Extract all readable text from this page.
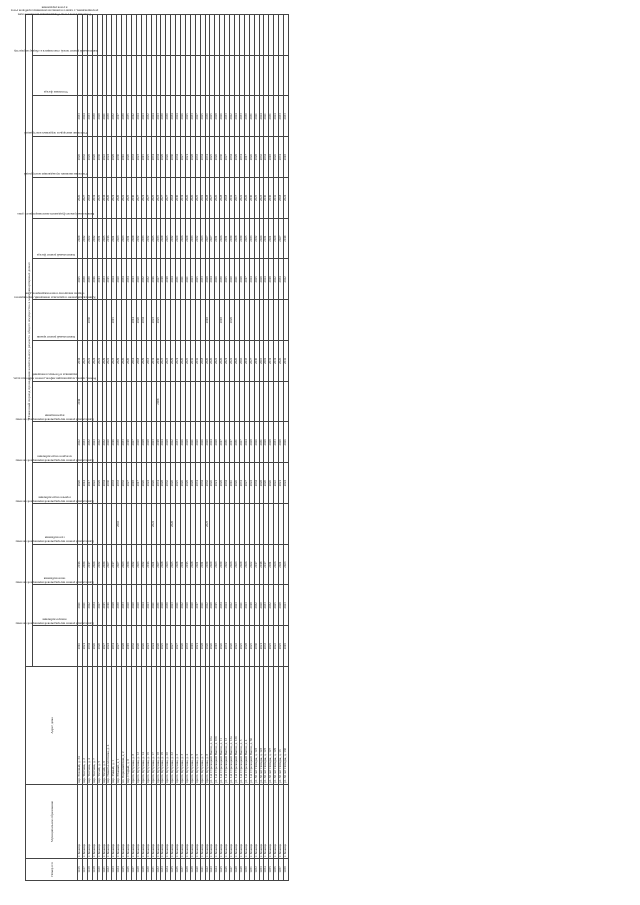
Номер п/п	Муниципальное образование	Адрес дома	Плановый период проведения капитального ремонта общего имущества в многоквартирных домах															
			Капитальный ремонт внутридомовой инженерной системы электроснабжения	Капитальный ремонт внутридомовой инженерной системы теплоснабжения	Капитальный ремонт внутридомовой инженерной системы газоснабжения	Капитальный ремонт внутридомовой инженерной системы горячего водоснабжения	Капитальный ремонт внутридомовой инженерной системы холодного водоснабжения	Капитальный ремонт внутридомовой инженерной системы водоотведения	Ремонт, замена, модернизация лифтов, ремонт лифтовых шахт, машинных и блочных помещений	Капитальный ремонт крыши	Капитальный ремонт подвальных помещений, относящихся к общему имуществу в многоквартирном доме	Капитальный ремонт фасада	Капитальный ремонт фундамента многоквартирного дома	Утепление внешних ограждающих конструкций	Утепление мансарды и чердачных конструкций	Утепление фасада	Капитальный ремонт печей, относящихся к общему имуществу	Установка узлов учета, оборудованных автоматическим регулированием, а также установка коллективных приборов учета и узлов управления
1416	г. Бежецк	пер. Розовый, д. 24	2016	2021	2016		2020	2022	2011	2034		2025	2029	2026	2020	2033		
1417	г. Бежецк	пер. Тютчева, д. 2	2021	2021	2034		2014	2033		2023		2030	2032	2027	2032	2024		
1418	г. Бежецк	пер. Тютчева, д. 4	2034	2022	2017		2017	2032		2022	2030	2030	2022	2018	2029	2033		
1419	г. Бежецк	пер. Тютчева, д. 7	2026	2034	2024		2022	2023		2024		2016	2032	2031	2020	2030		
1420	г. Бежецк	пер. Тихий, д. 5	2020	2027	2032		2029	2022		2022		2013	2031	2025	2030	2029		
1421	г. Бежецк	пер. Тихий, д. 6	2027	2015	2034		2034	2032		2029		2033	2025	2034	2022	2021		
1422	г. Бежецк	пер. Никиты-плотника, д. 4	2024	2016	2027		2030	2020		2022		2015	2016	2020	2024	2030		
1423	г. Бежецк	пер. Умный, д. 1	2031	2028	2017		2033	2016		2023	2015	2024	2021	2021	2029	2032		
1424	г. Бежецк	пер. Южный, д. 1	2027	2030	2027	2016	2033	2030		2029		2020	2023	2020	2030	2017		
1425	г. Бежецк	пл. Первомайская, д. 2	2028	2033	2023		2032	2033		2026		2034	2023	2022	2016	2030		
1426	г. Бежецк	пер. Старый, д. 8	2019	2020	2034		2027	2019		2020		2034	2031	2025	2020	2035		
1427	г. Бежецк	просп. Кутузова, д. 8	2032	2020	2032		2018	2027		2014	2014	2013	2029	2030	2033	2012		
1428	г. Бежецк	просп. Кутузова, д. 12	2020	2020	2023		2017	2020		2018	2020	2020	2032	2027	2023	2024		
1429	г. Бежецк	просп. Кутузова, д. 14	2026	2024	2032		2026	2028		2029	2034	2032	2033	2021	2015	2023		
1430	г. Бежецк	просп. Кутузова, д. 16	2023	2023	2016		2024	2029		2013		2032	2032	2027	2025	2032		
1431	г. Бежецк	просп. Кутузова, д. 17	2024	2021	2021	2022	2026	2023		2031	2023	2016	2025	2025	2031	2024		
1432	г. Бежецк	просп. Кутузова, д. 18	2020	2031	2027		2031	2018	2008	2030	2025	2027	2033	2023	2034	2023		
1433	г. Бежецк	просп. Кутузова, д. 19	2025	2020	2028		2028	2024		2023		2018	2029	2027	2029	2030		
1434	г. Бежецк	просп. Кутузова, д. 20	2030	2030	2023		2032	2028		2023		2018	2025	2027	2026	2030		
1435	г. Бежецк	просп. Кутузова, д. 22	2027	2023	2025	2020	2020	2022		2029		2024	2032	2018	2030	2034		
1436	г. Бежецк	просп. Кутузова, д. 2	2027	2021	2028		2025	2033		2021		2031	2020	2030	2034	2024		
1437	г. Бежецк	просп. Кутузова, д. 3	2020	2022	2031		2026	2026		2020		2021	2026	2031	2027	2026		
1438	г. Бежецк	просп. Кутузова, д. 4	2033	2020	2015		2029	2028		2025		2021	2029	2026	2021	2025		
1439	г. Бежецк	просп. Кутузова, д. 5	2019	2020	2028		2028	2021		2032		2023	2033	2026	2028	2033		
1440	г. Бежецк	просп. Кутузова, д. 6	2021	2017	2021		2031	2020		2032		2025	2032	2025	2033	2027		
1441	г. Бежецк	просп. Кутузова, д. 7	2028	2021	2031		2034	2026		2018		2033	2023	2019	2034	2025		
1442	г. Бежецк	просп. Кутузова, д. 8	2020	2022	2030	2025	2032	2020		2020	2018	2028	2027	2028	2031	2030		
1443	г. Бежецк	ул. 1-й Стрелецкий Выгон, д. 10а	2026	2029	2020		2026	2024		2026		2024	2027	2027	2025	2025		
1444	г. Бежецк	ул. 1-й Стрелецкий Выгон, д. 10б	2018	2015	2023		2021	2029		2022		2026	2031	2026	2026	2028		
1445	г. Бежецк	ул. 1-й Стрелецкий Выгон, д. 11	2026	2034	2030		2029	2017		2026	2018	2030	2026	2028	2030	2026		
1446	г. Бежецк	ул. 1-й Стрелецкий Выгон, д. 12	2031	2024	2022		2034	2031		2021		2025	2031	2018	2027	2033		
1447	г. Бежецк	ул. 1-й Стрелецкий Выгон, д. 12а	2020	2022	2026		2016	2017		2022	2029	2020	2030	2032	2034	2022		
1448	г. Бежецк	ул. 1-й Стрелецкий Выгон, д. 12б	2022	2023	2023		2026	2031		2026		2021	2028	2017	2029	2024		
1449	г. Бежецк	ул. 1-й Стрелецкий Выгон, д. 3	2025	2021	2029		2031	2027		2016		2029	2030	2022	2031	2033		
1450	г. Бежецк	ул. 1-й Стрелецкий Выгон, д. 4	2028	2023	2026		2027	2024		2033		2017	2025	2026	2017	2030		
1451	г. Бежецк	ул. 1-й Стрелецкий Выгон, д. 6б	2025	2018	2022		2024	2028		2027		2024	2033	2030	2026	2031		
1452	г. Бежецк	ул. 30 лет Победы, д. 122	2030	2032	2017		2034	2026		2030		2025	2032	2025	2028	2021		
1453	г. Бежецк	ул. 30 лет Победы, д. 123	2021	2020	2018		2028	2031		2015		2029	2024	2023	2032	2024		
1454	г. Бежецк	ул. 30 лет Победы, д. 125	2033	2033	2017		2020	2029		2019		2024	2031	2030	2034	2021		
1455	г. Бежецк	ул. 30 лет Победы, д. 127	2025	2032	2031		2026	2028		2031		2018	2021	2030	2018	2031		
1456	г. Бежецк	ул. 30 лет Победы, д. 129	2022	2025	2026		2022	2033		2031		2022	2029	2032	2026	2024		
1457	г. Бежецк	ул. 30 лет Победы, д. 13	2025	2029	2021		2021	2029		2026		2034	2027	2018	2031	2033		
1458	г. Бежецк	ул. 30 лет Победы, д. 130	2019	2023	2023		2024	2026		2032		2022	2019	2024	2018	2033		
